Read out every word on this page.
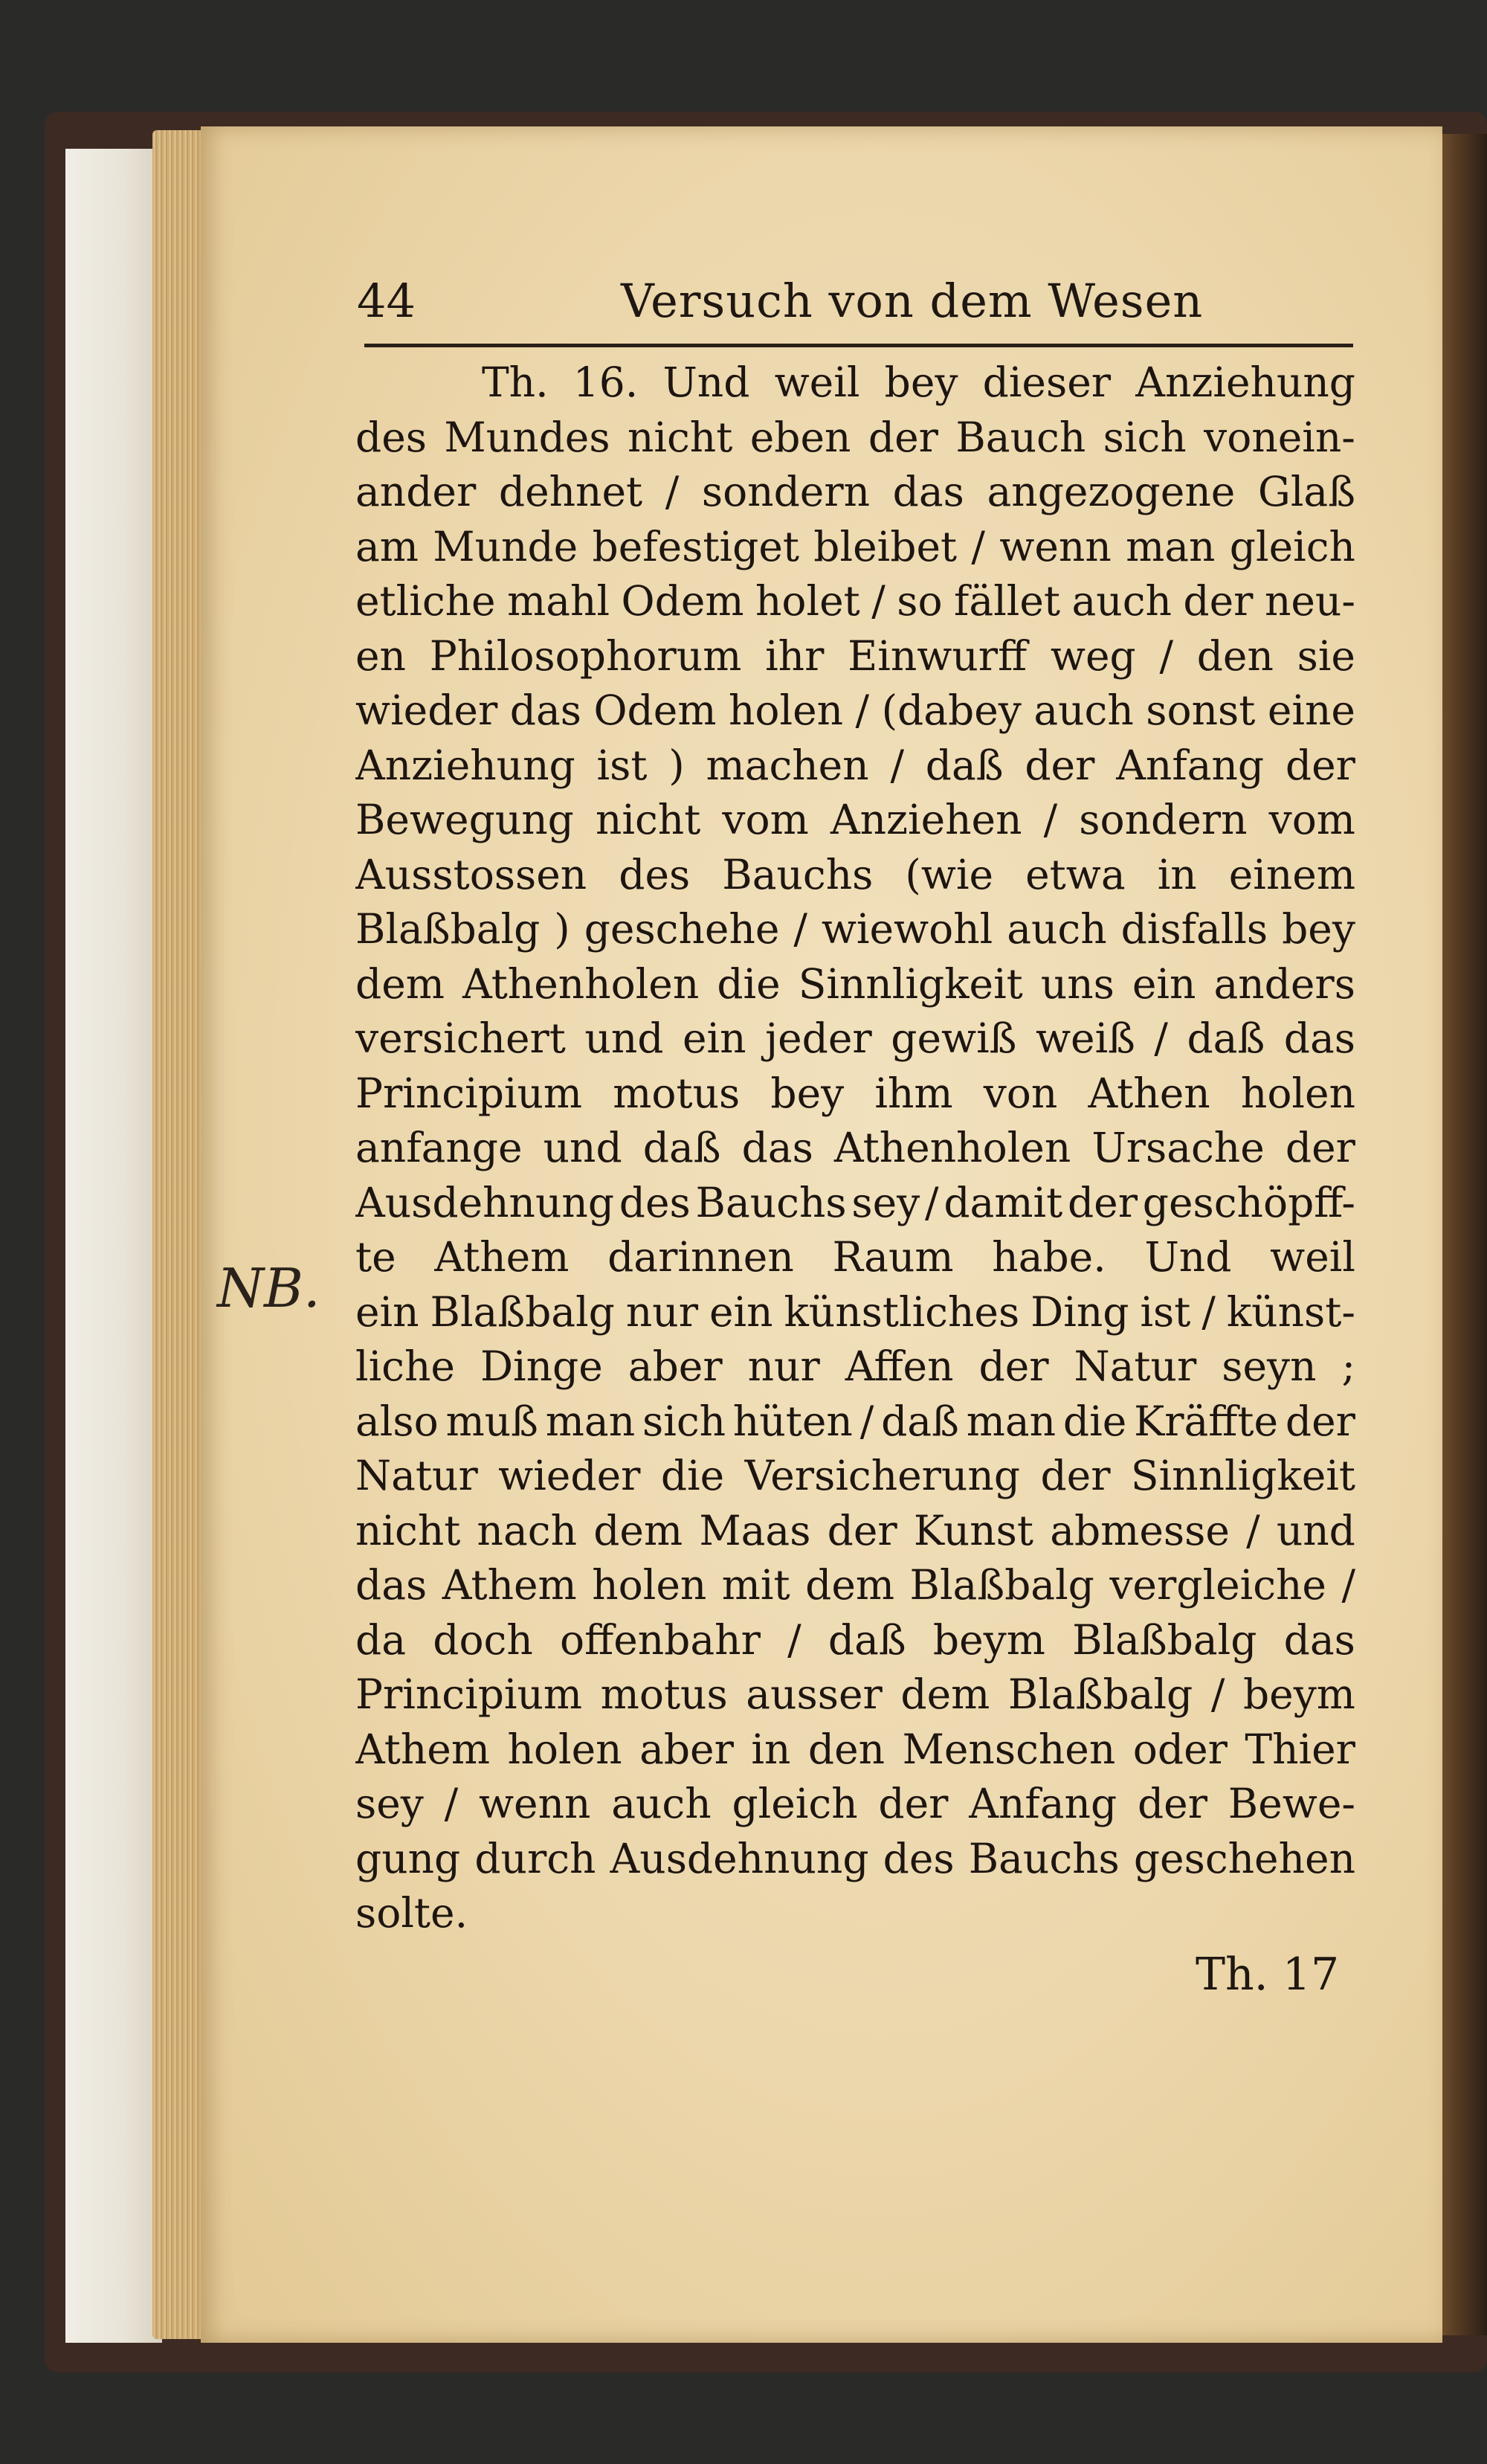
44	Versuch von dem Wesen
Th. 16. Und weil bey dieser Anziehung
des Mundes nicht eben der Bauch sich vonein-
ander dehnet / sondern das angezogene Glaß
am Munde befestiget bleibet / wenn man gleich
etliche mahl Odem holet / so fället auch der neu-
en Philosophorum ihr Einwurff weg / den sie
wieder das Odem holen / (dabey auch sonst eine
Anziehung ist ) machen / daß der Anfang der
Bewegung nicht vom Anziehen / sondern vom
Ausstossen des Bauchs (wie etwa in einem
Blaßbalg ) geschehe / wiewohl auch disfalls bey
dem Athenholen die Sinnligkeit uns ein anders
versichert und ein jeder gewiß weiß / daß das
Principium motus bey ihm von Athen holen
anfange und daß das Athenholen Ursache der
Ausdehnung des Bauchs sey / damit der geschöpff-
te Athem darinnen Raum habe. Und weil
ein Blaßbalg nur ein künstliches Ding ist / künst-
liche Dinge aber nur Affen der Natur seyn ;
also muß man sich hüten / daß man die Kräffte der
Natur wieder die Versicherung der Sinnligkeit
nicht nach dem Maas der Kunst abmesse / und
das Athem holen mit dem Blaßbalg vergleiche /
da doch offenbahr / daß beym Blaßbalg das
Principium motus ausser dem Blaßbalg / beym
Athem holen aber in den Menschen oder Thier
sey / wenn auch gleich der Anfang der Bewe-
gung durch Ausdehnung des Bauchs geschehen
solte.
NB.
Th. 17
